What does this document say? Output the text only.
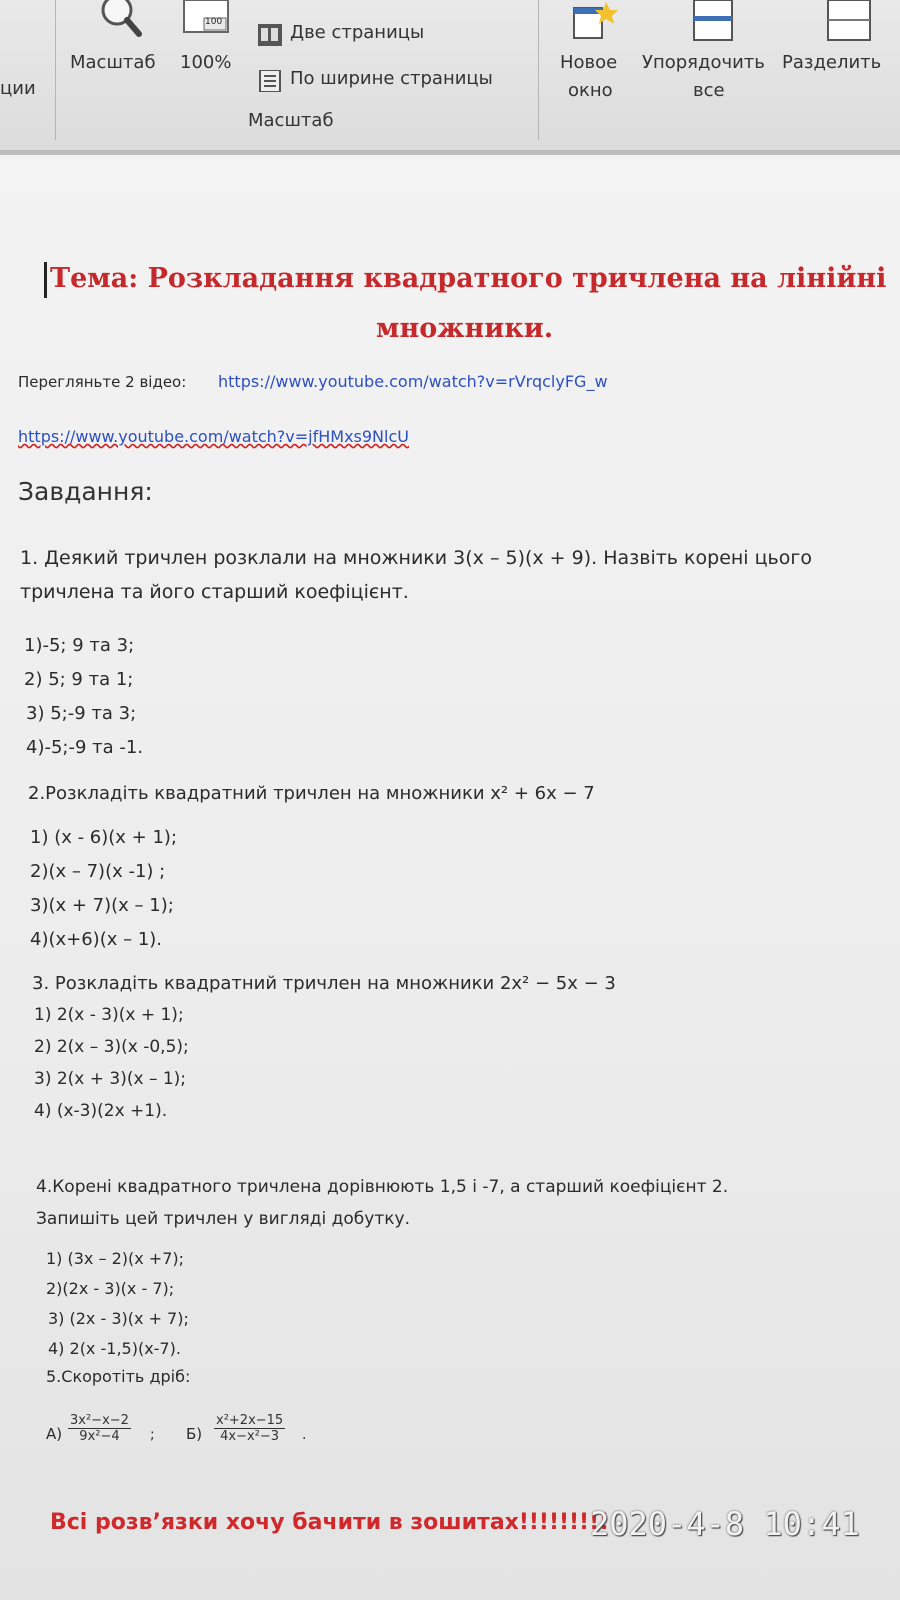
ции
Масштаб
100
100%
Две страницы
По ширине страницы
Масштаб
Новое
окно
Упорядочить
все
Разделить
Тема: Розкладання квадратного тричлена на лінійні
множники.
Перегляньте 2 відео: https://www.youtube.com/watch?v=rVrqclyFG_w
https://www.youtube.com/watch?v=jfHMxs9NlcU
Завдання:
1. Деякий тричлен розклали на множники 3(x – 5)(x + 9). Назвіть корені цього
тричлена та його старший коефіцієнт.
1)-5; 9 та 3;
2) 5; 9 та 1;
3) 5;-9 та 3;
4)-5;-9 та -1.
2.Розкладіть квадратний тричлен на множники x² + 6x − 7
1) (x - 6)(x + 1);
2)(x – 7)(x -1) ;
3)(x + 7)(x – 1);
4)(x+6)(x – 1).
3. Розкладіть квадратний тричлен на множники 2x² − 5x − 3
1) 2(x - 3)(x + 1);
2) 2(x – 3)(x -0,5);
3) 2(x + 3)(x – 1);
4) (x-3)(2x +1).
4.Корені квадратного тричлена дорівнюють 1,5 і -7, а старший коефіцієнт 2.
Запишіть цей тричлен у вигляді добутку.
1) (3x – 2)(x +7);
2)(2x - 3)(x - 7);
3) (2x - 3)(x + 7);
4) 2(x -1,5)(x-7).
5.Скоротіть дріб:
$А) \frac{\text{3x²−x−2}}{\text{9x²−4}}$ ; $Б) \frac{\text{x²+2x−15}}{\text{4x−x²−3}}$ .
Всі розв’язки хочу бачити в зошитах!!!!!!!!!
2020-4-8 10:41
